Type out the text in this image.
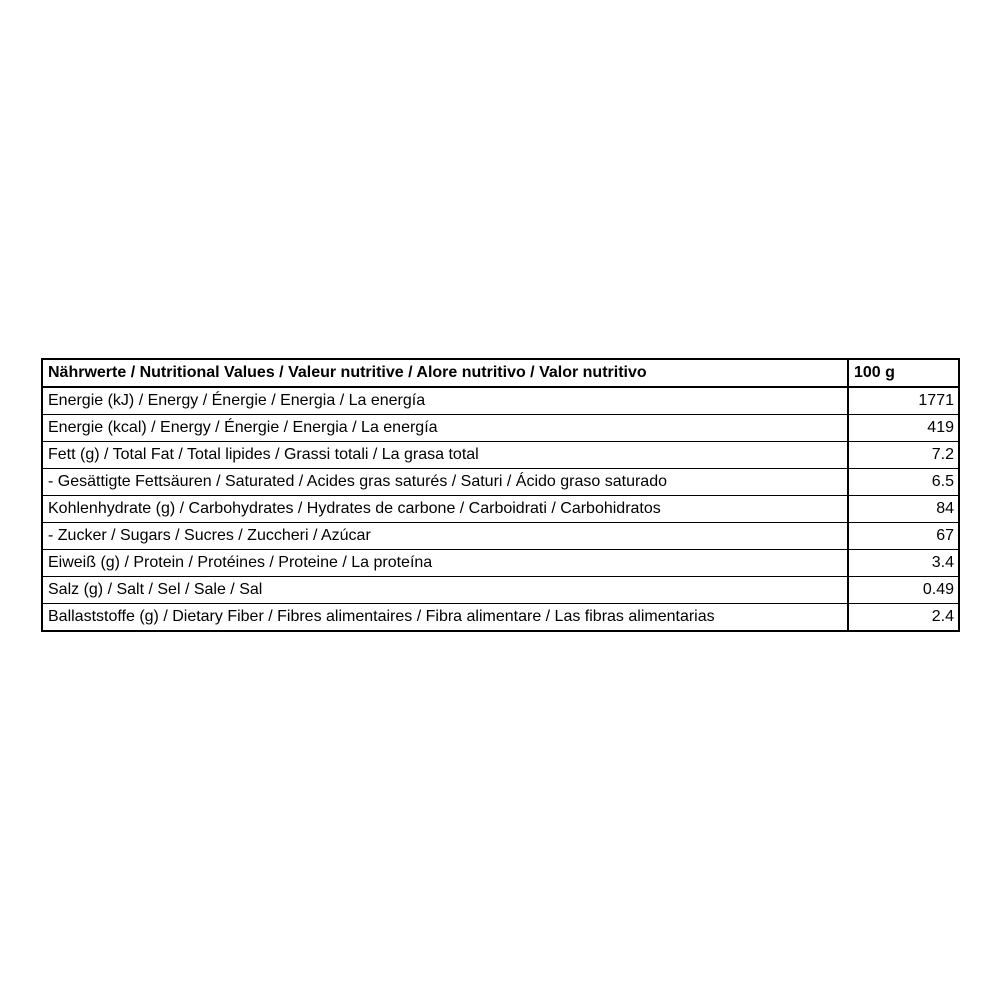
Nährwerte / Nutritional Values / Valeur nutritive / Alore nutritivo / Valor nutritivo	100 g
Energie (kJ) / Energy / Énergie / Energia / La energía	1771
Energie (kcal) / Energy / Énergie / Energia / La energía	419
Fett (g) / Total Fat / Total lipides / Grassi totali / La grasa total	7.2
- Gesättigte Fettsäuren / Saturated / Acides gras saturés / Saturi / Ácido graso saturado	6.5
Kohlenhydrate (g) / Carbohydrates / Hydrates de carbone / Carboidrati / Carbohidratos	84
- Zucker / Sugars / Sucres / Zuccheri / Azúcar	67
Eiweiß (g) / Protein / Protéines / Proteine / La proteína	3.4
Salz (g) / Salt / Sel / Sale / Sal	0.49
Ballaststoffe (g) / Dietary Fiber / Fibres alimentaires / Fibra alimentare / Las fibras alimentarias	2.4
